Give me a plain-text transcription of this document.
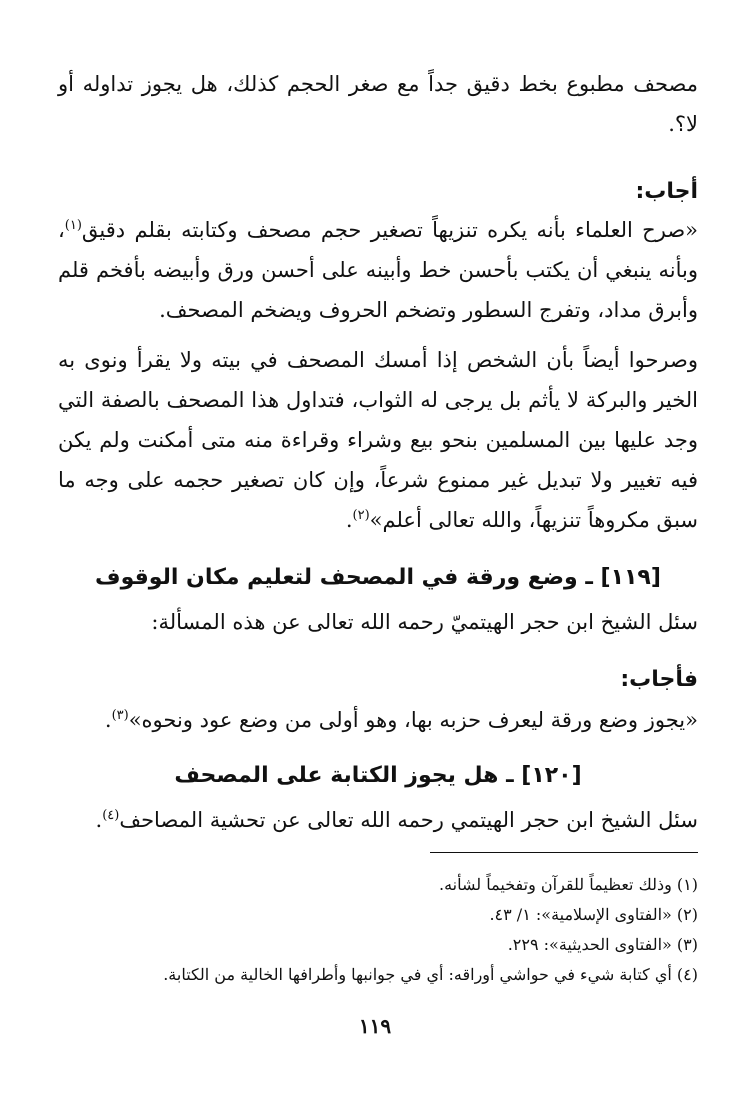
مصحف مطبوع بخط دقيق جداً مع صغر الحجم كذلك، هل يجوز تداوله أو لا؟.

أجاب:

«صرح العلماء بأنه يكره تنزيهاً تصغير حجم مصحف وكتابته بقلم دقيق$^{(١)}$، وبأنه ينبغي أن يكتب بأحسن خط وأبينه على أحسن ورق وأبيضه بأفخم قلم وأبرق مداد، وتفرج السطور وتضخم الحروف ويضخم المصحف.

وصرحوا أيضاً بأن الشخص إذا أمسك المصحف في بيته ولا يقرأ ونوى به الخير والبركة لا يأثم بل يرجى له الثواب، فتداول هذا المصحف بالصفة التي وجد عليها بين المسلمين بنحو بيع وشراء وقراءة منه متى أمكنت ولم يكن فيه تغيير ولا تبديل غير ممنوع شرعاً، وإن كان تصغير حجمه على وجه ما سبق مكروهاً تنزيهاً، والله تعالى أعلم»$^{(٢)}$.

[١١٩] ـ وضع ورقة في المصحف لتعليم مكان الوقوف

سئل الشيخ ابن حجر الهيتميّ رحمه الله تعالى عن هذه المسألة:

فأجاب:

«يجوز وضع ورقة ليعرف حزبه بها، وهو أولى من وضع عود ونحوه»$^{(٣)}$.

[١٢٠] ـ هل يجوز الكتابة على المصحف

سئل الشيخ ابن حجر الهيتمي رحمه الله تعالى عن تحشية المصاحف$^{(٤)}$.

(١) وذلك تعظيماً للقرآن وتفخيماً لشأنه.

(٢) «الفتاوى الإسلامية»: ١/ ٤٣.

(٣) «الفتاوى الحديثية»: ٢٢٩.

(٤) أي كتابة شيء في حواشي أوراقه: أي في جوانبها وأطرافها الخالية من الكتابة.

١١٩
